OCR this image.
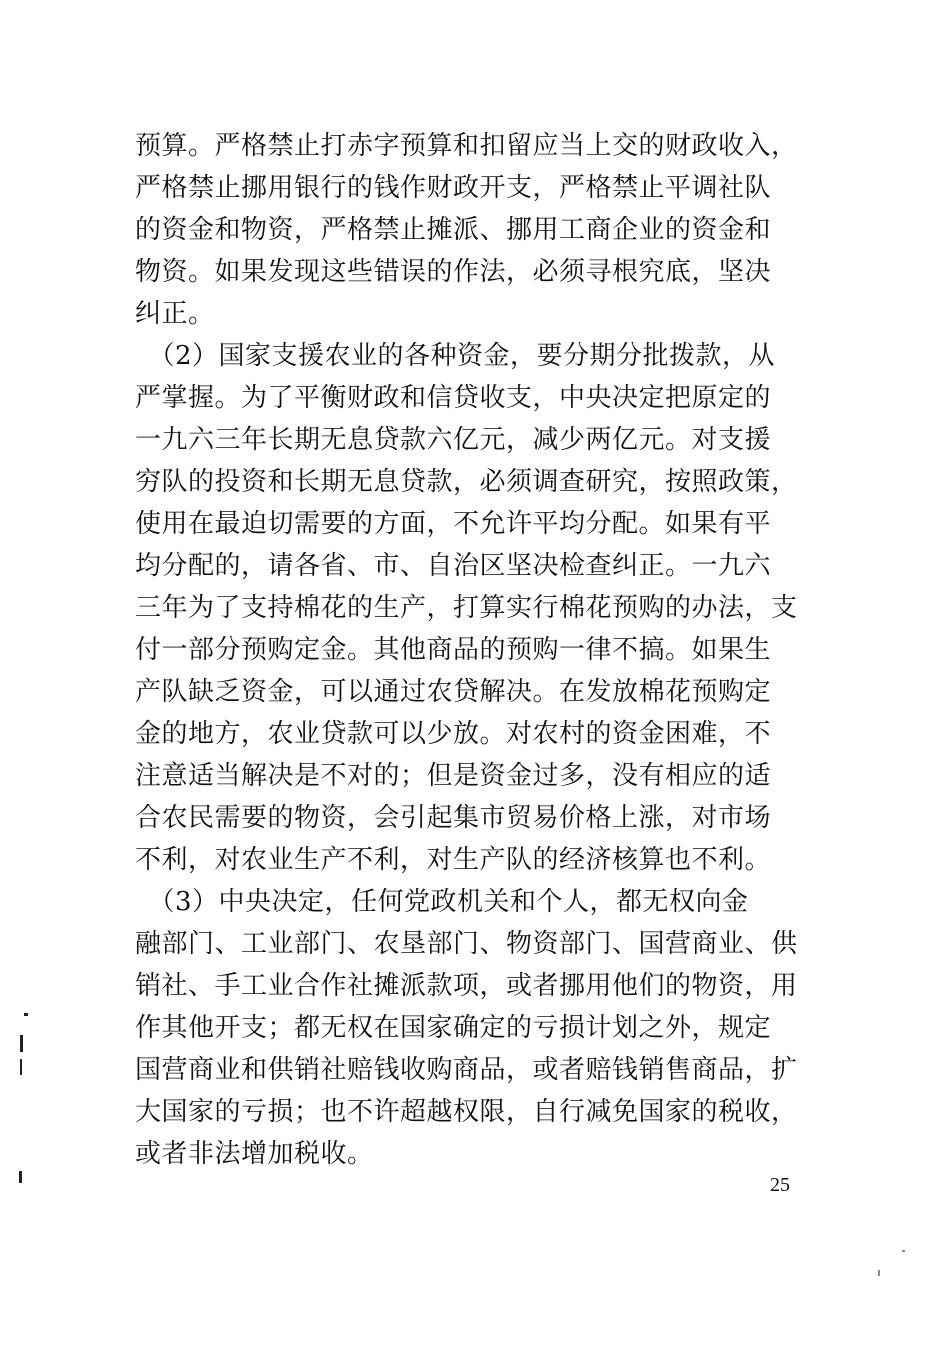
预算。严格禁止打赤字预算和扣留应当上交的财政收入，
严格禁止挪用银行的钱作财政开支，严格禁止平调社队
的资金和物资，严格禁止摊派、挪用工商企业的资金和
物资。如果发现这些错误的作法，必须寻根究底，坚决
纠正。
　（2）国家支援农业的各种资金，要分期分批拨款，从
严掌握。为了平衡财政和信贷收支，中央决定把原定的
一九六三年长期无息贷款六亿元，减少两亿元。对支援
穷队的投资和长期无息贷款，必须调查研究，按照政策，
使用在最迫切需要的方面，不允许平均分配。如果有平
均分配的，请各省、市、自治区坚决检查纠正。一九六
三年为了支持棉花的生产，打算实行棉花预购的办法，支
付一部分预购定金。其他商品的预购一律不搞。如果生
产队缺乏资金，可以通过农贷解决。在发放棉花预购定
金的地方，农业贷款可以少放。对农村的资金困难，不
注意适当解决是不对的；但是资金过多，没有相应的适
合农民需要的物资，会引起集市贸易价格上涨，对市场
不利，对农业生产不利，对生产队的经济核算也不利。
　（3）中央决定，任何党政机关和个人，都无权向金
融部门、工业部门、农垦部门、物资部门、国营商业、供
销社、手工业合作社摊派款项，或者挪用他们的物资，用
作其他开支；都无权在国家确定的亏损计划之外，规定
国营商业和供销社赔钱收购商品，或者赔钱销售商品，扩
大国家的亏损；也不许超越权限，自行减免国家的税收，
或者非法增加税收。
25
